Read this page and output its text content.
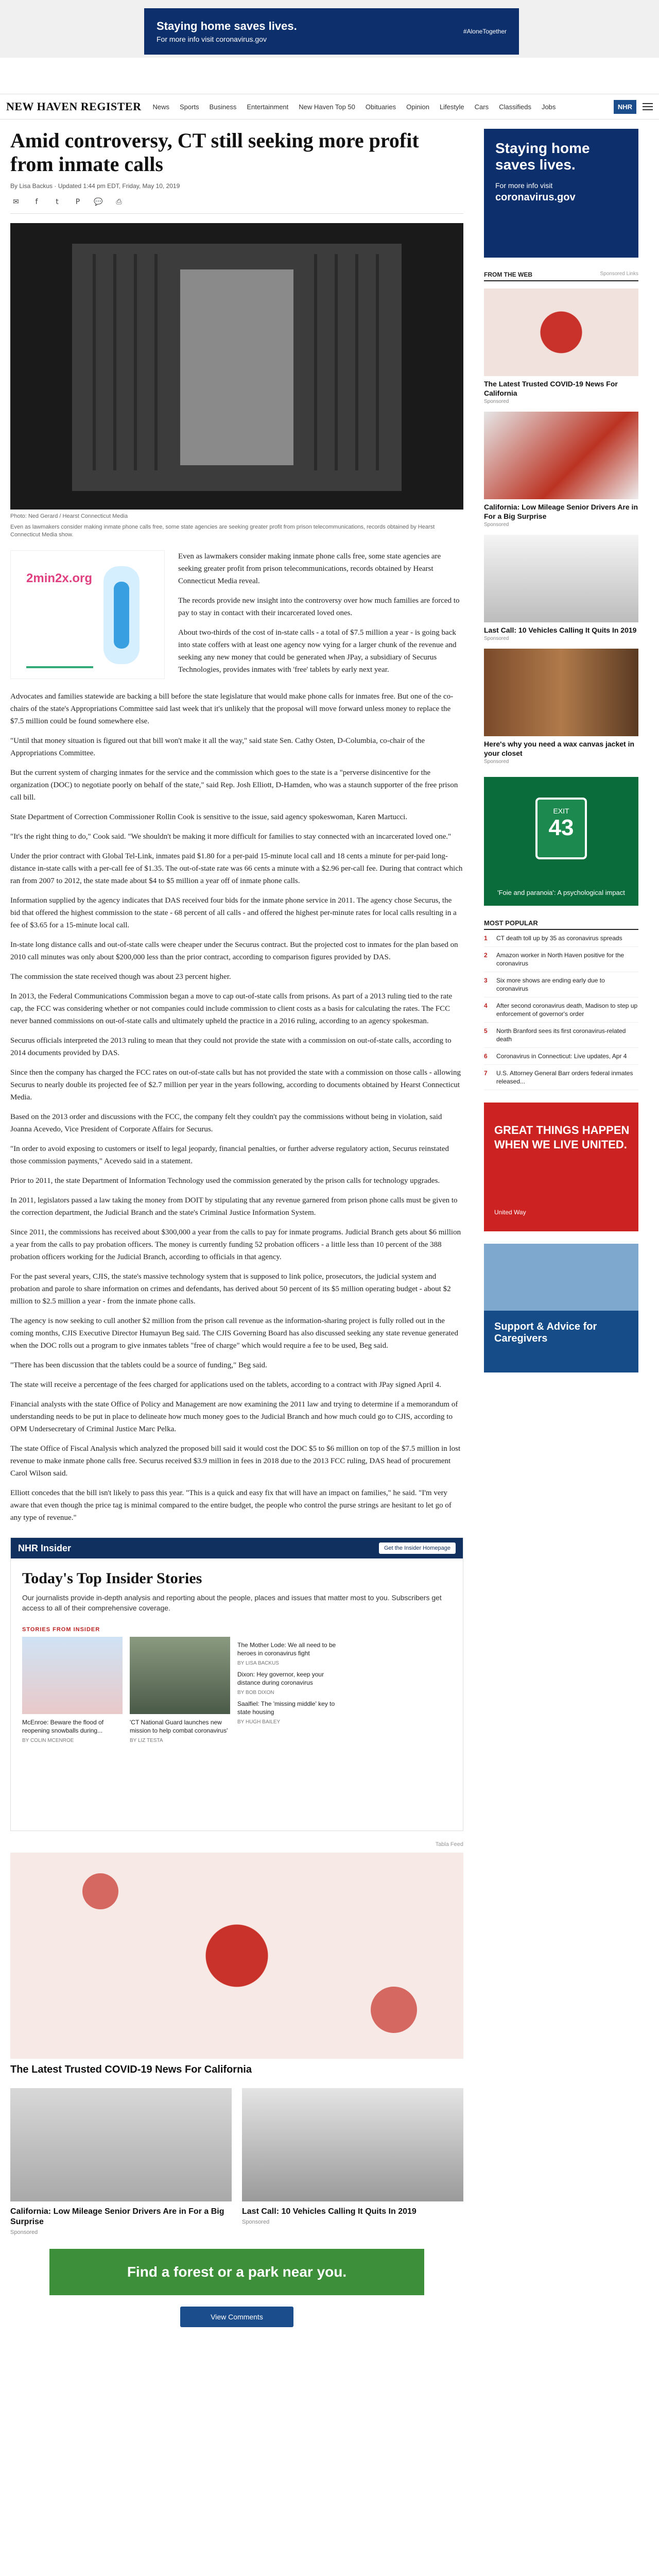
Staying home saves lives.
For more info visit coronavirus.gov
#AloneTogether
NEW HAVEN REGISTER News Sports Business Entertainment New Haven Top 50 Obituaries Opinion Lifestyle Cars Classifieds Jobs	NHR
Amid controversy, CT still seeking more profit from inmate calls
By Lisa Backus · Updated 1:44 pm EDT, Friday, May 10, 2019
✉	f	t	P	💬	⎙
Photo: Ned Gerard / Hearst Connecticut Media
Even as lawmakers consider making inmate phone calls free, some state agencies are seeking greater profit from prison telecommunications, records obtained by Hearst Connecticut Media show.
2min2x.org

Even as lawmakers consider making inmate phone calls free, some state agencies are seeking greater profit from prison telecommunications, records obtained by Hearst Connecticut Media reveal.

The records provide new insight into the controversy over how much families are forced to pay to stay in contact with their incarcerated loved ones.

About two-thirds of the cost of in-state calls - a total of $7.5 million a year - is going back into state coffers with at least one agency now vying for a larger chunk of the revenue and seeking any new money that could be generated when JPay, a subsidiary of Securus Technologies, provides inmates with 'free' tablets by early next year.

Advocates and families statewide are backing a bill before the state legislature that would make phone calls for inmates free. But one of the co-chairs of the state's Appropriations Committee said last week that it's unlikely that the proposal will move forward unless money to replace the $7.5 million could be found somewhere else.

"Until that money situation is figured out that bill won't make it all the way," said state Sen. Cathy Osten, D-Columbia, co-chair of the Appropriations Committee.

But the current system of charging inmates for the service and the commission which goes to the state is a "perverse disincentive for the organization (DOC) to negotiate poorly on behalf of the state," said Rep. Josh Elliott, D-Hamden, who was a staunch supporter of the free prison call bill.

State Department of Correction Commissioner Rollin Cook is sensitive to the issue, said agency spokeswoman, Karen Martucci.

"It's the right thing to do," Cook said. "We shouldn't be making it more difficult for families to stay connected with an incarcerated loved one."

Under the prior contract with Global Tel-Link, inmates paid $1.80 for a per-paid 15-minute local call and 18 cents a minute for per-paid long-distance in-state calls with a per-call fee of $1.35. The out-of-state rate was 66 cents a minute with a $2.96 per-call fee. During that contract which ran from 2007 to 2012, the state made about $4 to $5 million a year off of inmate phone calls.

Information supplied by the agency indicates that DAS received four bids for the inmate phone service in 2011. The agency chose Securus, the bid that offered the highest commission to the state - 68 percent of all calls - and offered the highest per-minute rates for local calls resulting in a fee of $3.65 for a 15-minute local call.

In-state long distance calls and out-of-state calls were cheaper under the Securus contract. But the projected cost to inmates for the plan based on 2010 call minutes was only about $200,000 less than the prior contract, according to comparison figures provided by DAS.

The commission the state received though was about 23 percent higher.

In 2013, the Federal Communications Commission began a move to cap out-of-state calls from prisons. As part of a 2013 ruling tied to the rate cap, the FCC was considering whether or not companies could include commission to client costs as a basis for calculating the rates. The FCC never banned commissions on out-of-state calls and ultimately upheld the practice in a 2016 ruling, according to an agency spokesman.

Securus officials interpreted the 2013 ruling to mean that they could not provide the state with a commission on out-of-state calls, according to 2014 documents provided by DAS.

Since then the company has charged the FCC rates on out-of-state calls but has not provided the state with a commission on those calls - allowing Securus to nearly double its projected fee of $2.7 million per year in the years following, according to documents obtained by Hearst Connecticut Media.

Based on the 2013 order and discussions with the FCC, the company felt they couldn't pay the commissions without being in violation, said Joanna Acevedo, Vice President of Corporate Affairs for Securus.

"In order to avoid exposing to customers or itself to legal jeopardy, financial penalties, or further adverse regulatory action, Securus reinstated those commission payments," Acevedo said in a statement.

Prior to 2011, the state Department of Information Technology used the commission generated by the prison calls for technology upgrades.

In 2011, legislators passed a law taking the money from DOIT by stipulating that any revenue garnered from prison phone calls must be given to the correction department, the Judicial Branch and the state's Criminal Justice Information System.

Since 2011, the commissions has received about $300,000 a year from the calls to pay for inmate programs. Judicial Branch gets about $6 million a year from the calls to pay probation officers. The money is currently funding 52 probation officers - a little less than 10 percent of the 388 probation officers working for the Judicial Branch, according to officials in that agency.

For the past several years, CJIS, the state's massive technology system that is supposed to link police, prosecutors, the judicial system and probation and parole to share information on crimes and defendants, has derived about 50 percent of its $5 million operating budget - about $2 million to $2.5 million a year - from the inmate phone calls.

The agency is now seeking to cull another $2 million from the prison call revenue as the information-sharing project is fully rolled out in the coming months, CJIS Executive Director Humayun Beg said. The CJIS Governing Board has also discussed seeking any state revenue generated when the DOC rolls out a program to give inmates tablets "free of charge" which would require a fee to be used, Beg said.

"There has been discussion that the tablets could be a source of funding," Beg said.

The state will receive a percentage of the fees charged for applications used on the tablets, according to a contract with JPay signed April 4.

Financial analysts with the state Office of Policy and Management are now examining the 2011 law and trying to determine if a memorandum of understanding needs to be put in place to delineate how much money goes to the Judicial Branch and how much could go to CJIS, according to OPM Undersecretary of Criminal Justice Marc Pelka.

The state Office of Fiscal Analysis which analyzed the proposed bill said it would cost the DOC $5 to $6 million on top of the $7.5 million in lost revenue to make inmate phone calls free. Securus received $3.9 million in fees in 2018 due to the 2013 FCC ruling, DAS head of procurement Carol Wilson said.

Elliott concedes that the bill isn't likely to pass this year. "This is a quick and easy fix that will have an impact on families," he said. "I'm very aware that even though the price tag is minimal compared to the entire budget, the people who control the purse strings are hesitant to let go of any type of revenue."

NHR Insider	Get the Insider Homepage
Today's Top Insider Stories
Our journalists provide in-depth analysis and reporting about the people, places and issues that matter most to you. Subscribers get access to all of their comprehensive coverage.
STORIES FROM INSIDER
McEnroe: Beware the flood of reopening snowballs during...
BY COLIN MCENROE
'CT National Guard launches new mission to help combat coronavirus'
BY LIZ TESTA
The Mother Lode: We all need to be heroes in coronavirus fight
BY LISA BACKUS
Dixon: Hey governor, keep your distance during coronavirus
BY BOB DIXON
Saalfiel: The 'missing middle' key to state housing
BY HUGH BAILEY
Tabla Feed
The Latest Trusted COVID-19 News For California
California: Low Mileage Senior Drivers Are in For a Big Surprise
Sponsored
Last Call: 10 Vehicles Calling It Quits In 2019
Sponsored
Find a forest or a park near you.
View Comments
Staying home saves lives.
For more info visit
coronavirus.gov
FROM THE WEB	Sponsored Links
The Latest Trusted COVID-19 News For California
Sponsored
California: Low Mileage Senior Drivers Are in For a Big Surprise
Sponsored
Last Call: 10 Vehicles Calling It Quits In 2019
Sponsored
Here's why you need a wax canvas jacket in your closet
Sponsored
EXIT
43
'Foie and paranoia': A psychological impact
MOST POPULAR
1	CT death toll up by 35 as coronavirus spreads
2	Amazon worker in North Haven positive for the coronavirus
3	Six more shows are ending early due to coronavirus
4	After second coronavirus death, Madison to step up enforcement of governor's order
5	North Branford sees its first coronavirus-related death
6	Coronavirus in Connecticut: Live updates, Apr 4
7	U.S. Attorney General Barr orders federal inmates released...
GREAT THINGS HAPPEN WHEN WE LIVE UNITED.
United Way
Support & Advice for Caregivers
